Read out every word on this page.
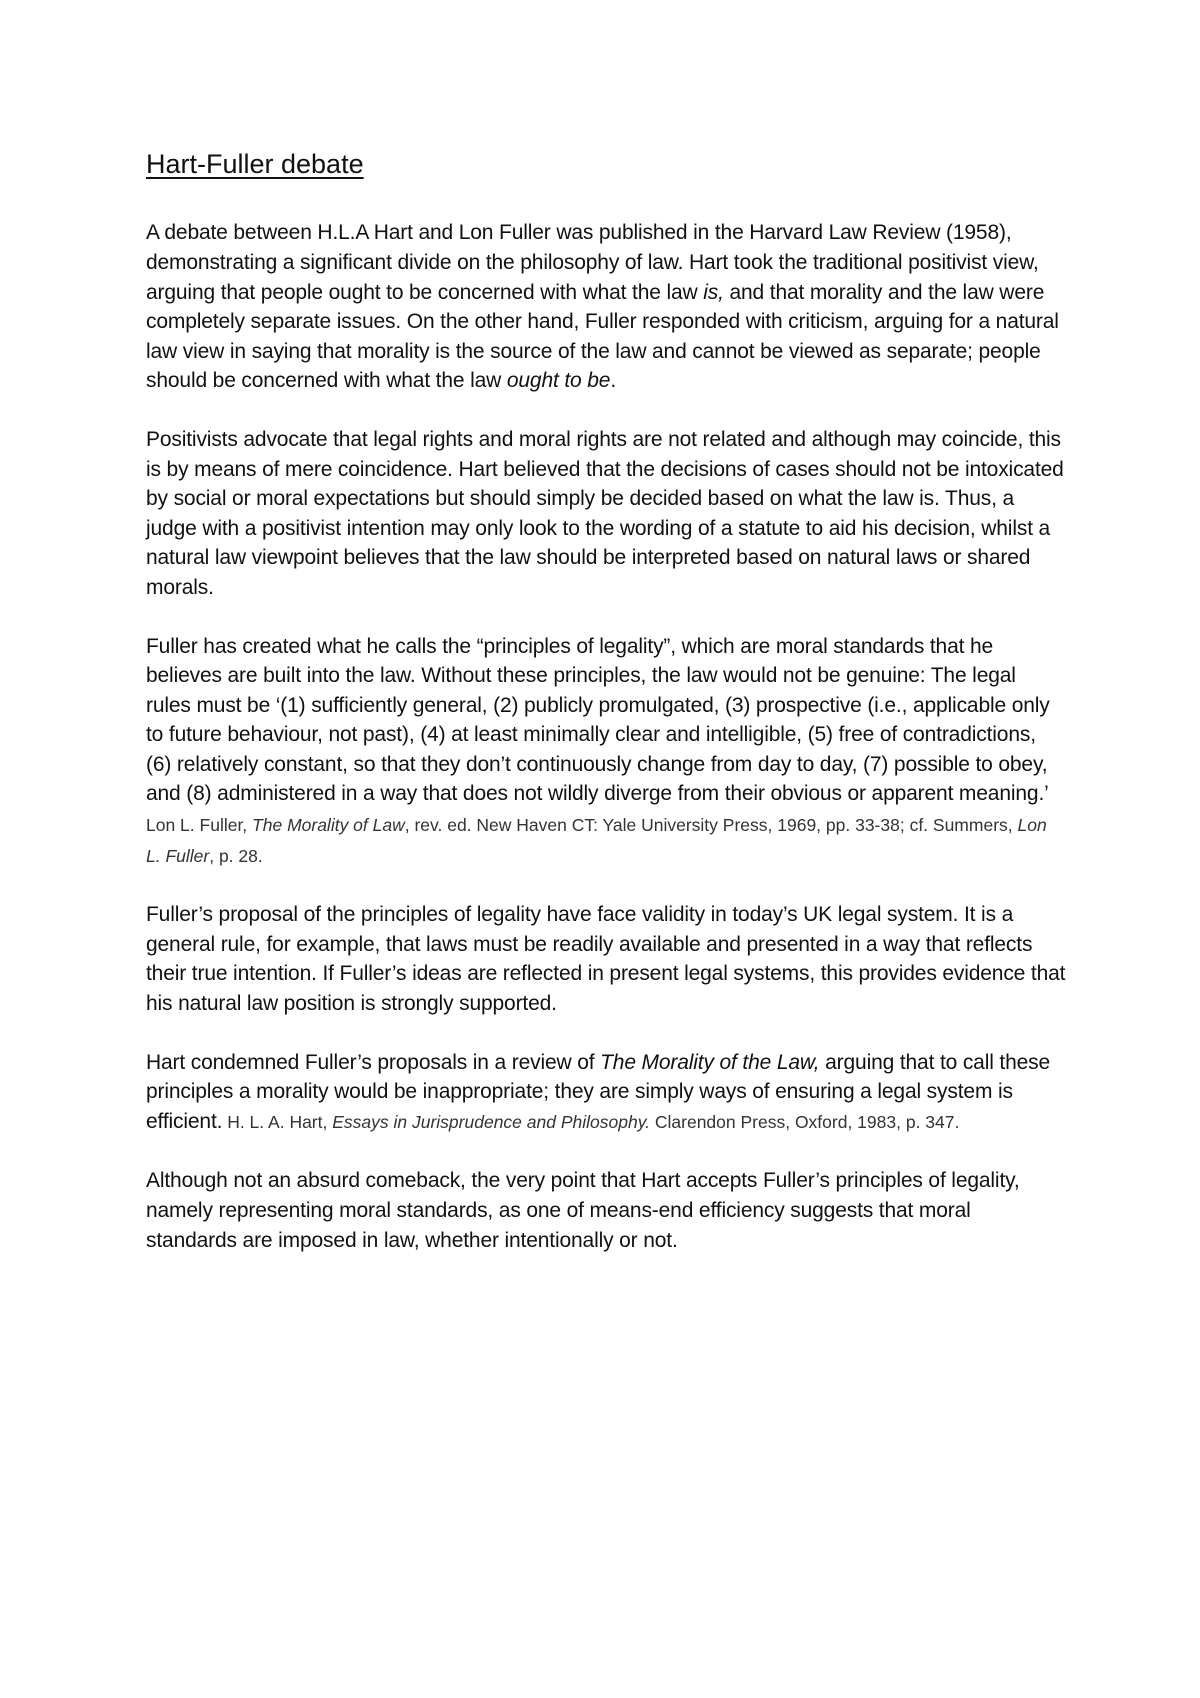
Hart-Fuller debate

A debate between H.L.A Hart and Lon Fuller was published in the Harvard Law Review (1958), demonstrating a significant divide on the philosophy of law. Hart took the traditional positivist view, arguing that people ought to be concerned with what the law is, and that morality and the law were completely separate issues. On the other hand, Fuller responded with criticism, arguing for a natural law view in saying that morality is the source of the law and cannot be viewed as separate; people should be concerned with what the law ought to be.

Positivists advocate that legal rights and moral rights are not related and although may coincide, this is by means of mere coincidence. Hart believed that the decisions of cases should not be intoxicated by social or moral expectations but should simply be decided based on what the law is. Thus, a judge with a positivist intention may only look to the wording of a statute to aid his decision, whilst a natural law viewpoint believes that the law should be interpreted based on natural laws or shared morals.

Fuller has created what he calls the “principles of legality”, which are moral standards that he believes are built into the law. Without these principles, the law would not be genuine: The legal rules must be ‘(1) sufficiently general, (2) publicly promulgated, (3) prospective (i.e., applicable only to future behaviour, not past), (4) at least minimally clear and intelligible, (5) free of contradictions, (6) relatively constant, so that they don’t continuously change from day to day, (7) possible to obey, and (8) administered in a way that does not wildly diverge from their obvious or apparent meaning.’ Lon L. Fuller, The Morality of Law, rev. ed. New Haven CT: Yale University Press, 1969, pp. 33-38; cf. Summers, Lon L. Fuller, p. 28.

Fuller’s proposal of the principles of legality have face validity in today’s UK legal system. It is a general rule, for example, that laws must be readily available and presented in a way that reflects their true intention. If Fuller’s ideas are reflected in present legal systems, this provides evidence that his natural law position is strongly supported.

Hart condemned Fuller’s proposals in a review of The Morality of the Law, arguing that to call these principles a morality would be inappropriate; they are simply ways of ensuring a legal system is efficient. H. L. A. Hart, Essays in Jurisprudence and Philosophy. Clarendon Press, Oxford, 1983, p. 347.

Although not an absurd comeback, the very point that Hart accepts Fuller’s principles of legality, namely representing moral standards, as one of means-end efficiency suggests that moral standards are imposed in law, whether intentionally or not.
